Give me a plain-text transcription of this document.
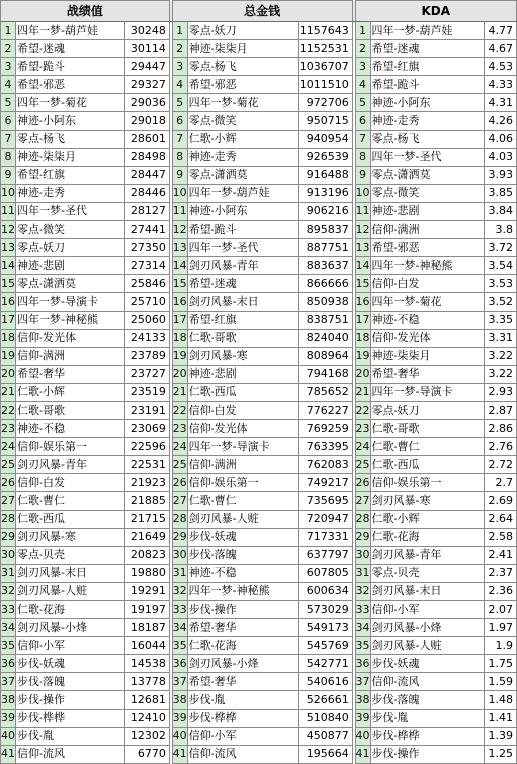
战绩值				总金钱				KDA		
1	四年一梦-葫芦娃	30248		1	零点-妖刀	1157643		1	四年一梦-葫芦娃	4.77
2	希望-迷魂	30114		2	神迹-柒柒月	1152531		2	希望-迷魂	4.67
3	希望-跪斗	29447		3	零点-杨飞	1036707		3	希望-红旗	4.53
4	希望-邪恶	29327		4	希望-邪恶	1011510		4	希望-跪斗	4.33
5	四年一梦-菊花	29036		5	四年一梦-菊花	972706		5	神迹-小阿东	4.31
6	神迹-小阿东	29018		6	零点-微笑	950715		6	神迹-走秀	4.26
7	零点-杨飞	28601		7	仁歌-小辉	940954		7	零点-杨飞	4.06
8	神迹-柒柒月	28498		8	神迹-走秀	926539		8	四年一梦-圣代	4.03
9	希望-红旗	28447		9	零点-潇洒莫	916488		9	零点-潇洒莫	3.93
10	神迹-走秀	28446		10	四年一梦-葫芦娃	913196		10	零点-微笑	3.85
11	四年一梦-圣代	28127		11	神迹-小阿东	906216		11	神迹-悲剧	3.84
12	零点-微笑	27441		12	希望-跪斗	895837		12	信仰-满洲	3.8
13	零点-妖刀	27350		13	四年一梦-圣代	887751		13	希望-邪恶	3.72
14	神迹-悲剧	27314		14	剑刃风暴-青年	883637		14	四年一梦-神秘熊	3.54
15	零点-潇洒莫	25846		15	希望-迷魂	866666		15	信仰-白发	3.53
16	四年一梦-导演卡	25710		16	剑刃风暴-末日	850938		16	四年一梦-菊花	3.52
17	四年一梦-神秘熊	25060		17	希望-红旗	838751		17	神迹-不稳	3.35
18	信仰-发光体	24133		18	仁歌-哥歌	824040		18	信仰-发光体	3.31
19	信仰-满洲	23789		19	剑刃风暴-寒	808964		19	神迹-柒柒月	3.22
20	希望-奢华	23727		20	神迹-悲剧	794168		20	希望-奢华	3.22
21	仁歌-小辉	23519		21	仁歌-西瓜	785652		21	四年一梦-导演卡	2.93
22	仁歌-哥歌	23191		22	信仰-白发	776227		22	零点-妖刀	2.87
23	神迹-不稳	23069		23	信仰-发光体	769259		23	仁歌-哥歌	2.86
24	信仰-娱乐第一	22596		24	四年一梦-导演卡	763395		24	仁歌-曹仁	2.76
25	剑刃风暴-青年	22531		25	信仰-满洲	762083		25	仁歌-西瓜	2.72
26	信仰-白发	21923		26	信仰-娱乐第一	749217		26	信仰-娱乐第一	2.7
27	仁歌-曹仁	21885		27	仁歌-曹仁	735695		27	剑刃风暴-寒	2.69
28	仁歌-西瓜	21715		28	剑刃风暴-人赃	720947		28	仁歌-小辉	2.64
29	剑刃风暴-寒	21649		29	步伐-妖魂	717331		29	仁歌-花海	2.58
30	零点-贝壳	20823		30	步伐-落魄	637797		30	剑刃风暴-青年	2.41
31	剑刃风暴-末日	19880		31	神迹-不稳	607805		31	零点-贝壳	2.37
32	剑刃风暴-人赃	19291		32	四年一梦-神秘熊	600634		32	剑刃风暴-末日	2.36
33	仁歌-花海	19197		33	步伐-操作	573029		33	信仰-小军	2.07
34	剑刃风暴-小烽	18187		34	希望-奢华	549173		34	剑刃风暴-小烽	1.97
35	信仰-小军	16044		35	仁歌-花海	545769		35	剑刃风暴-人赃	1.9
36	步伐-妖魂	14538		36	剑刃风暴-小烽	542771		36	步伐-妖魂	1.75
37	步伐-落魄	13778		37	希望-奢华	540616		37	信仰-流风	1.59
38	步伐-操作	12681		38	步伐-胤	526661		38	步伐-落魄	1.48
39	步伐-桦桦	12410		39	步伐-桦桦	510840		39	步伐-胤	1.41
40	步伐-胤	12302		40	信仰-小军	450877		40	步伐-桦桦	1.39
41	信仰-流风	6770		41	信仰-流风	195664		41	步伐-操作	1.25
